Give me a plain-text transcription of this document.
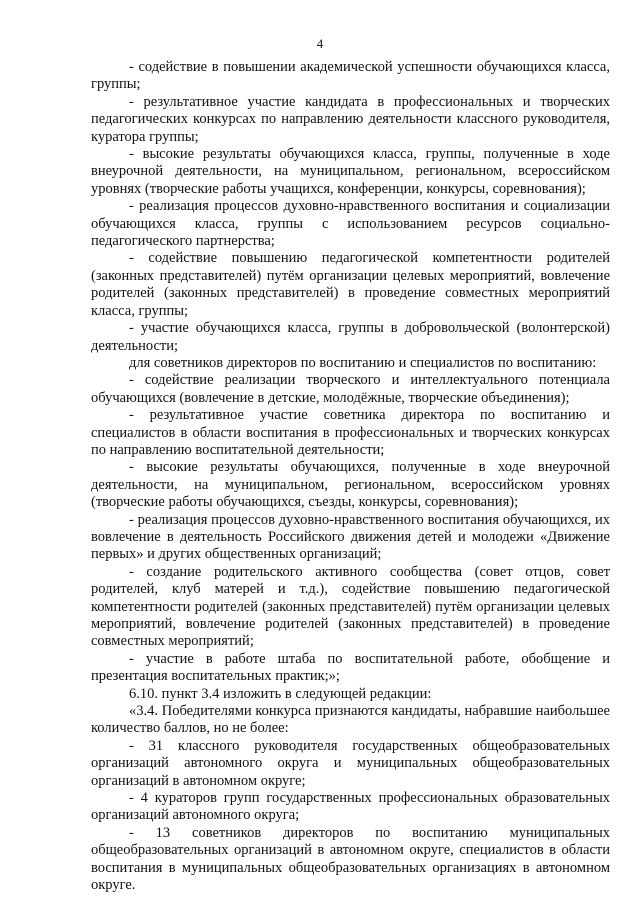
4

- содействие в повышении академической успешности обучающихся класса, группы;

- результативное участие кандидата в профессиональных и творческих педагогических конкурсах по направлению деятельности классного руководителя, куратора группы;

- высокие результаты обучающихся класса, группы, полученные в ходе внеурочной деятельности, на муниципальном, региональном, всероссийском уровнях (творческие работы учащихся, конференции, конкурсы, соревнования);

- реализация процессов духовно-нравственного воспитания и социализации обучающихся класса, группы с использованием ресурсов социально-педагогического партнерства;

- содействие повышению педагогической компетентности родителей (законных представителей) путём организации целевых мероприятий, вовлечение родителей (законных представителей) в проведение совместных мероприятий класса, группы;

- участие обучающихся класса, группы в добровольческой (волонтерской) деятельности;

для советников директоров по воспитанию и специалистов по воспитанию:

- содействие реализации творческого и интеллектуального потенциала обучающихся (вовлечение в детские, молодёжные, творческие объединения);

- результативное участие советника директора по воспитанию и специалистов в области воспитания в профессиональных и творческих конкурсах по направлению воспитательной деятельности;

- высокие результаты обучающихся, полученные в ходе внеурочной деятельности, на муниципальном, региональном, всероссийском уровнях (творческие работы обучающихся, съезды, конкурсы, соревнования);

- реализация процессов духовно-нравственного воспитания обучающихся, их вовлечение в деятельность Российского движения детей и молодежи «Движение первых» и других общественных организаций;

- создание родительского активного сообщества (совет отцов, совет родителей, клуб матерей и т.д.), содействие повышению педагогической компетентности родителей (законных представителей) путём организации целевых мероприятий, вовлечение родителей (законных представителей) в проведение совместных мероприятий;

- участие в работе штаба по воспитательной работе, обобщение и презентация воспитательных практик;»;

6.10. пункт 3.4 изложить в следующей редакции:

«3.4. Победителями конкурса признаются кандидаты, набравшие наибольшее количество баллов, но не более:

- 31 классного руководителя государственных общеобразовательных организаций автономного округа и муниципальных общеобразовательных организаций в автономном округе;

- 4 кураторов групп государственных профессиональных образовательных организаций автономного округа;

- 13 советников директоров по воспитанию муниципальных общеобразовательных организаций в автономном округе, специалистов в области воспитания в муниципальных общеобразовательных организациях в автономном округе.
